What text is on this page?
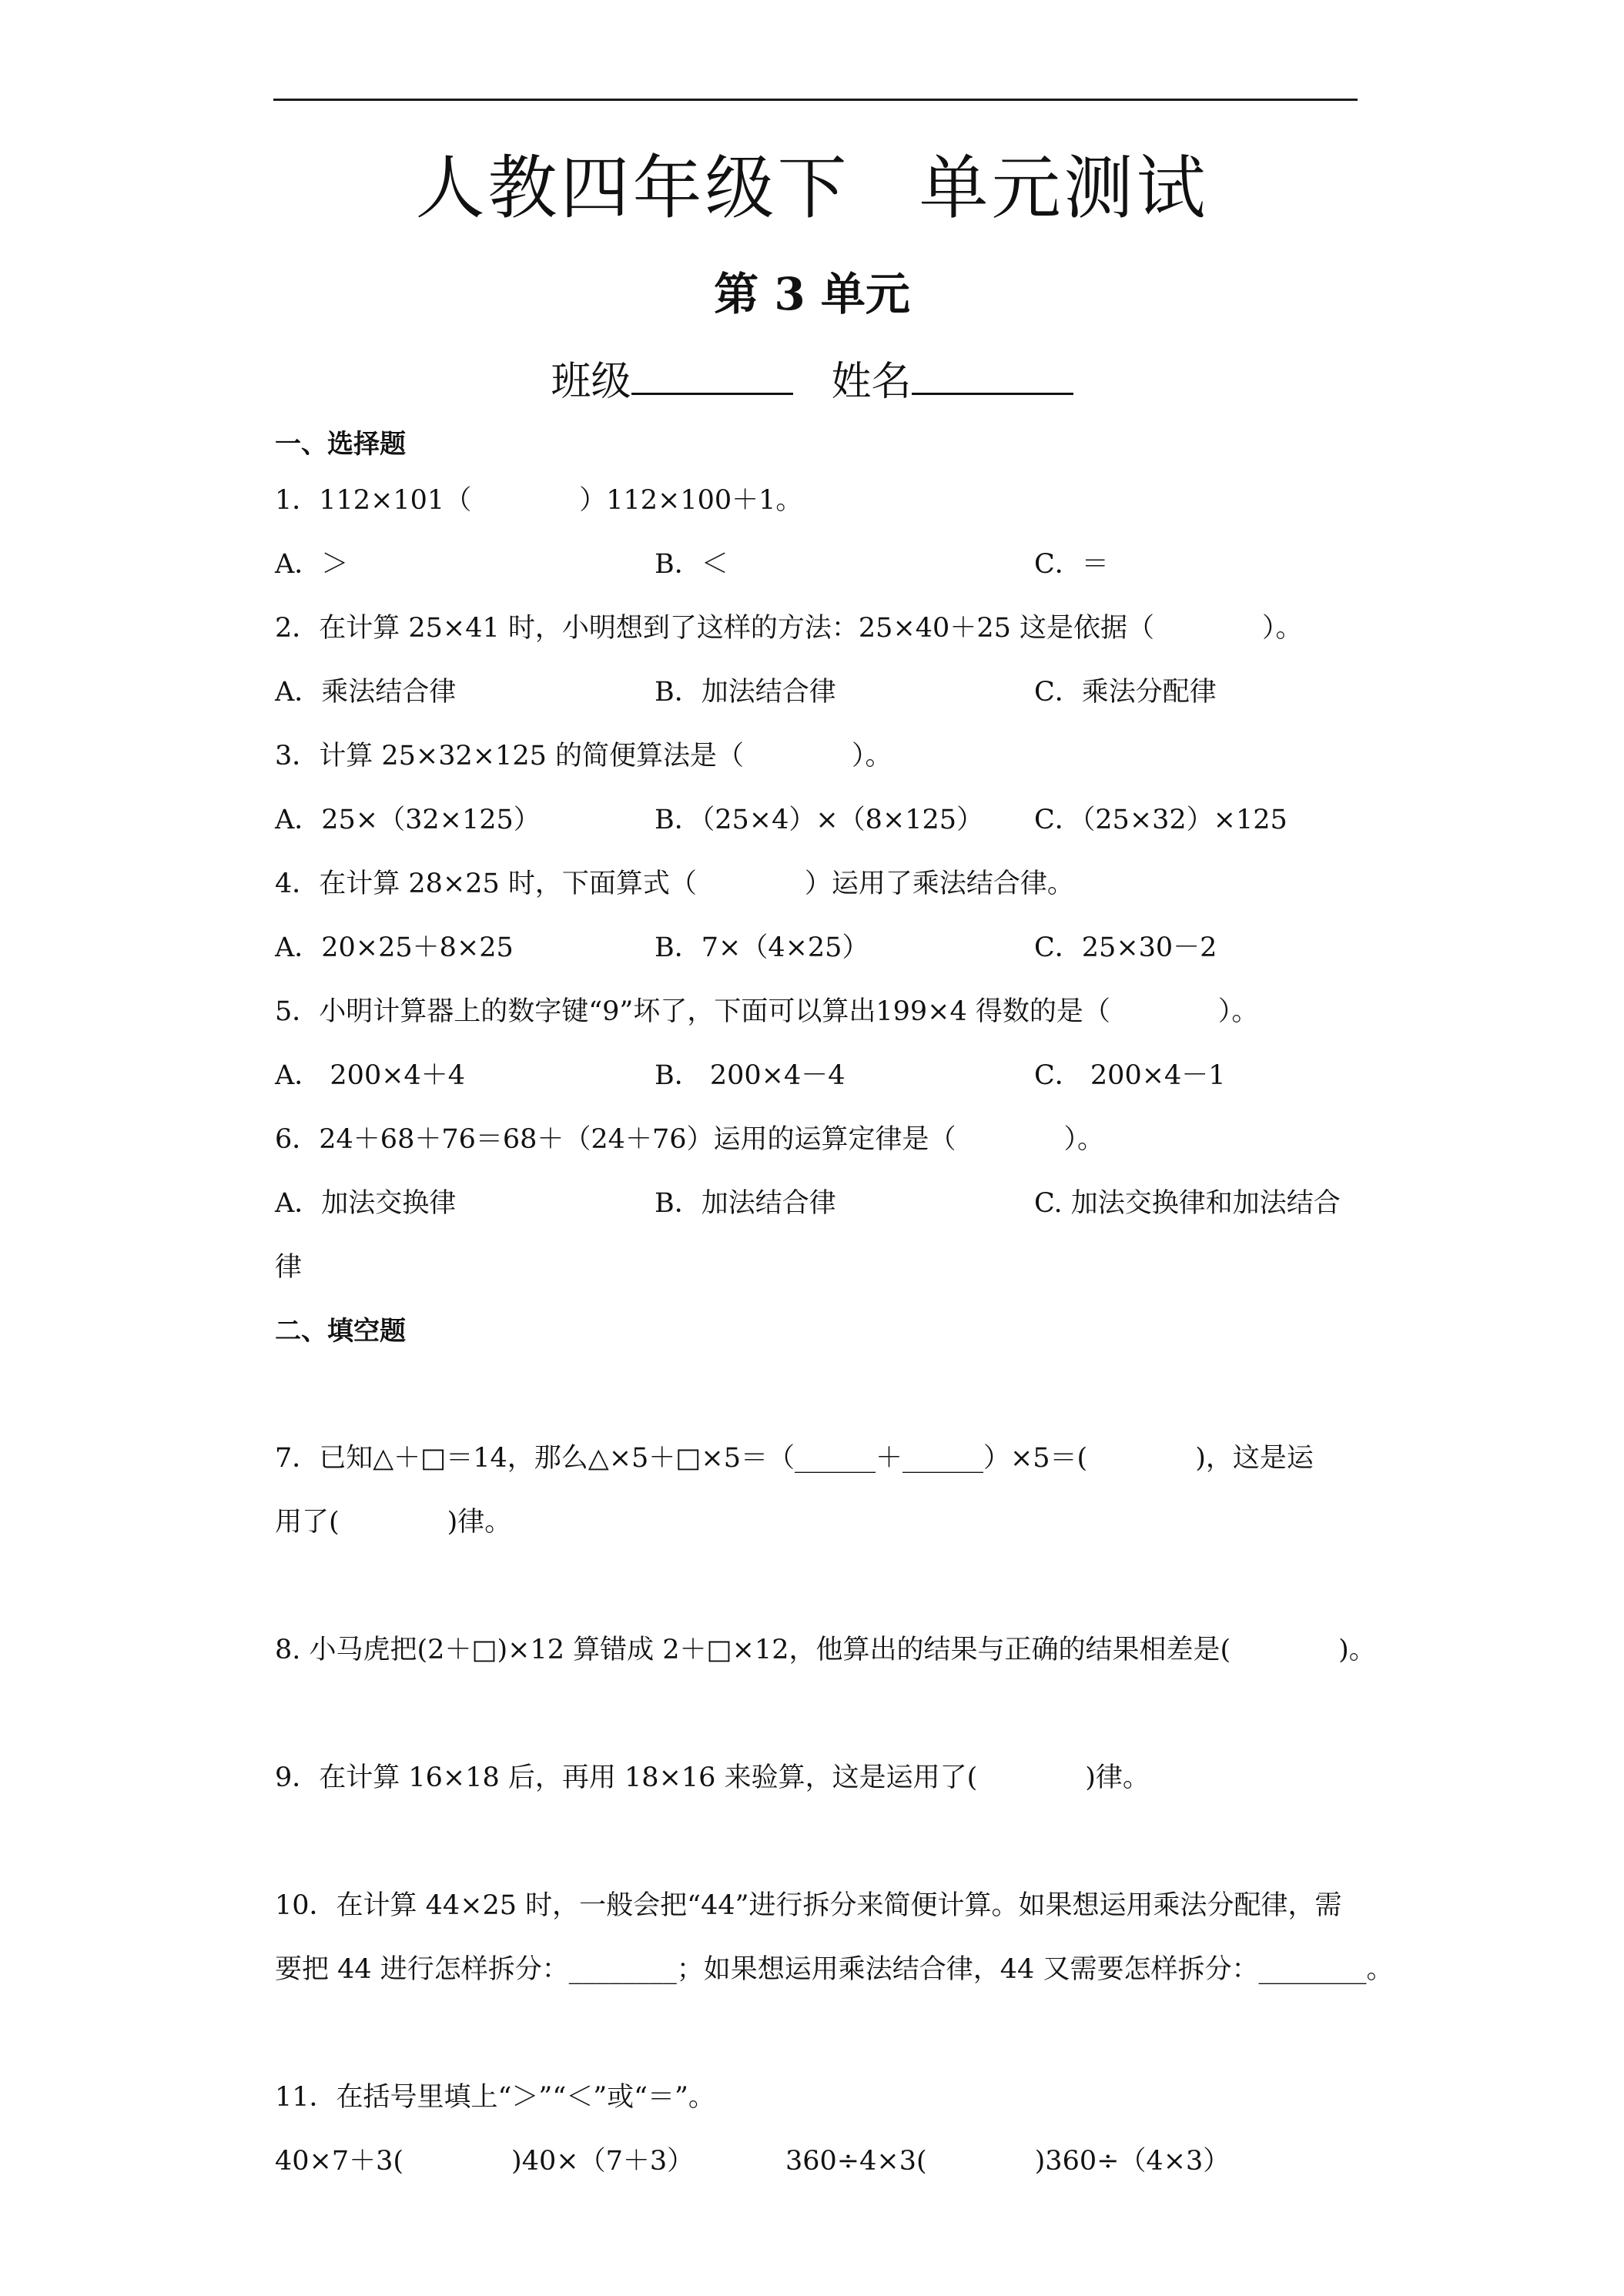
人教四年级下 单元测试
第 3 单元
班级	姓名
一、选择题
1．112×101（　　　　）112×100＋1。
A．＞	B．＜	C．＝
2．在计算 25×41 时，小明想到了这样的方法：25×40＋25 这是依据（　　　　）。
A．乘法结合律	B．加法结合律	C．乘法分配律
3．计算 25×32×125 的简便算法是（　　　　）。
A．25×（32×125）	B．（25×4）×（8×125） C．（25×32）×125
4．在计算 28×25 时，下面算式（　　　　）运用了乘法结合律。
A．20×25＋8×25	B．7×（4×25）	C．25×30－2
5．小明计算器上的数字键“9”坏了，下面可以算出199×4 得数的是（　　　　）。
A． 200×4＋4	B． 200×4－4	C． 200×4－1
6．24＋68＋76＝68＋（24＋76）运用的运算定律是（　　　　）。
A．加法交换律	B．加法结合律	C. 加法交换律和加法结合
律
二、填空题
7．已知△＋□＝14，那么△×5＋□×5＝（______＋______）×5＝(　　　　)，这是运
用了(　　　　)律。
8. 小马虎把(2＋□)×12 算错成 2＋□×12，他算出的结果与正确的结果相差是(　　　　)。
9．在计算 16×18 后，再用 18×16 来验算，这是运用了(　　　　)律。
10．在计算 44×25 时，一般会把“44”进行拆分来简便计算。如果想运用乘法分配律，需
要把 44 进行怎样拆分：________；如果想运用乘法结合律，44 又需要怎样拆分：________。
11．在括号里填上“＞”“＜”或“＝”。
40×7＋3(　　　　)40×（7＋3）	360÷4×3(　　　　)360÷（4×3）
